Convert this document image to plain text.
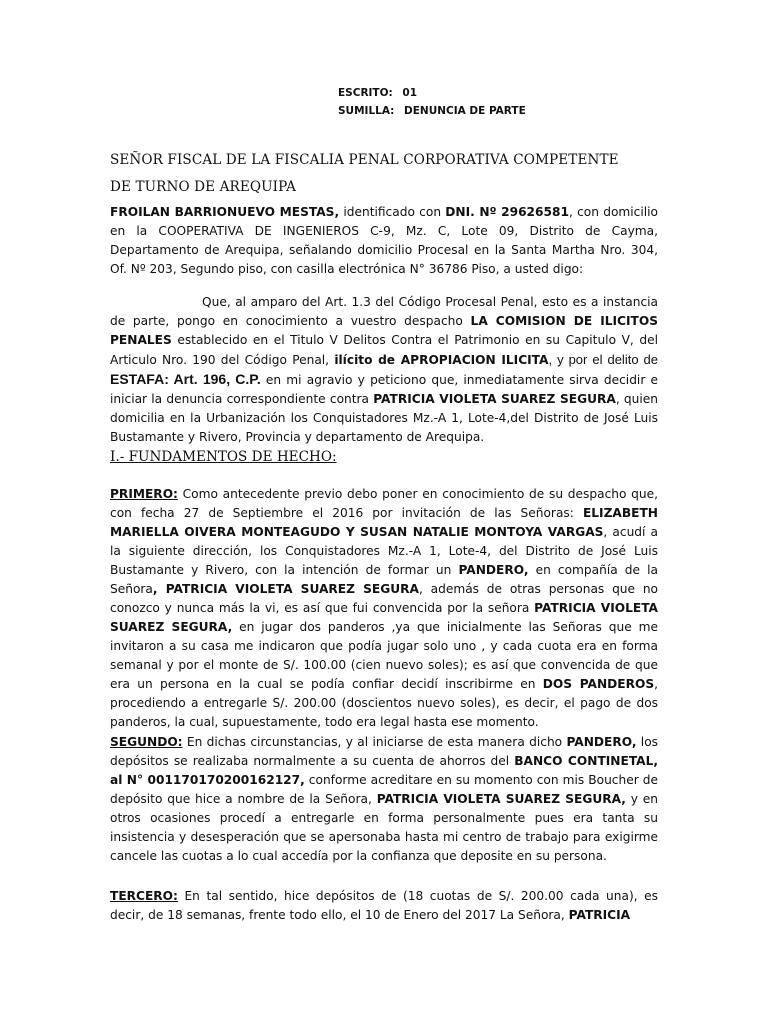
ESCRITO: 01
SUMILLA: DENUNCIA DE PARTE
SEÑOR FISCAL DE LA FISCALIA PENAL CORPORATIVA COMPETENTE
DE TURNO DE AREQUIPA
FROILAN BARRIONUEVO MESTAS, identificado con DNI. Nº 29626581, con domicilio en la COOPERATIVA DE INGENIEROS C-9, Mz. C, Lote 09, Distrito de Cayma, Departamento de Arequipa, señalando domicilio Procesal en la Santa Martha Nro. 304, Of. Nº 203, Segundo piso, con casilla electrónica N° 36786 Piso, a usted digo:
Que, al amparo del Art. 1.3 del Código Procesal Penal, esto es a instancia de parte, pongo en conocimiento a vuestro despacho LA COMISION DE ILICITOS PENALES establecido en el Titulo V Delitos Contra el Patrimonio en su Capitulo V, del Articulo Nro. 190 del Código Penal, ilícito de APROPIACION ILICITA, y por el delito de ESTAFA: Art. 196, C.P. en mi agravio y peticiono que, inmediatamente sirva decidir e iniciar la denuncia correspondiente contra PATRICIA VIOLETA SUAREZ SEGURA, quien domicilia en la Urbanización los Conquistadores Mz.-A 1, Lote-4,del Distrito de José Luis Bustamante y Rivero, Provincia y departamento de Arequipa.
I.- FUNDAMENTOS DE HECHO:
PRIMERO: Como antecedente previo debo poner en conocimiento de su despacho que, con fecha 27 de Septiembre el 2016 por invitación de las Señoras: ELIZABETH MARIELLA OIVERA MONTEAGUDO Y SUSAN NATALIE MONTOYA VARGAS, acudí a la siguiente dirección, los Conquistadores Mz.-A 1, Lote-4, del Distrito de José Luis Bustamante y Rivero, con la intención de formar un PANDERO, en compañía de la Señora, PATRICIA VIOLETA SUAREZ SEGURA, además de otras personas que no conozco y nunca más la vi, es así que fui convencida por la señora PATRICIA VIOLETA SUAREZ SEGURA, en jugar dos panderos ,ya que inicialmente las Señoras que me invitaron a su casa me indicaron que podía jugar solo uno , y cada cuota era en forma semanal y por el monte de S/. 100.00 (cien nuevo soles); es así que convencida de que era un persona en la cual se podía confiar decidí inscribirme en DOS PANDEROS, procediendo a entregarle S/. 200.00 (doscientos nuevo soles), es decir, el pago de dos panderos, la cual, supuestamente, todo era legal hasta ese momento.
SEGUNDO: En dichas circunstancias, y al iniciarse de esta manera dicho PANDERO, los depósitos se realizaba normalmente a su cuenta de ahorros del BANCO CONTINETAL, al N° 001170170200162127, conforme acreditare en su momento con mis Boucher de depósito que hice a nombre de la Señora, PATRICIA VIOLETA SUAREZ SEGURA, y en otros ocasiones procedí a entregarle en forma personalmente pues era tanta su insistencia y desesperación que se apersonaba hasta mi centro de trabajo para exigirme cancele las cuotas a lo cual accedía por la confianza que deposite en su persona.
TERCERO: En tal sentido, hice depósitos de (18 cuotas de S/. 200.00 cada una), es decir, de 18 semanas, frente todo ello, el 10 de Enero del 2017 La Señora, PATRICIA
